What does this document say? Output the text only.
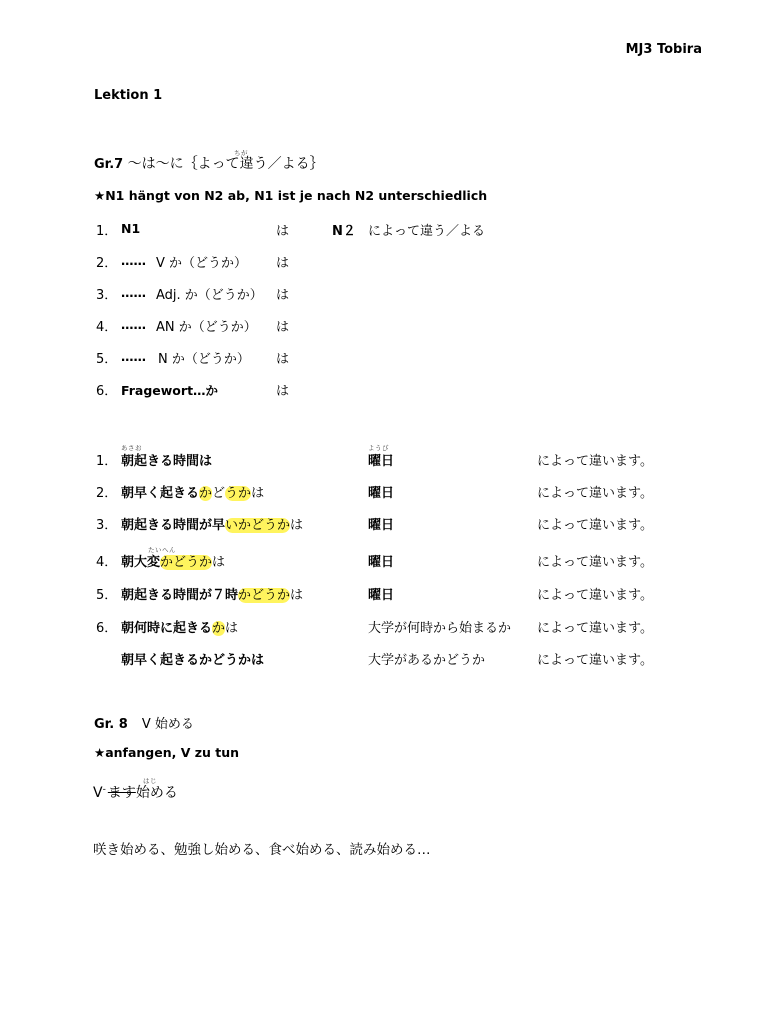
MJ3 Tobira
Lektion 1
Gr.7 〜は〜に｛よって違う／よる｝
ちが
★N1 hängt von N2 ab, N1 ist je nach N2 unterschiedlich
1． N1	は	N２ によって違う／よる
2． …… V か（どうか） は
3． …… Adj. か（どうか） は
4． …… AN か（どうか） は
5． …… N か（どうか） は
6． Fragewort…か	は
あさお	ようび
1． 朝起きる時間は	曜日	によって違います。
2． 朝早く起きるかどうかは	曜日	によって違います。
3． 朝起きる時間が早いかどうかは	曜日	によって違います。
たいへん
4． 朝大変かどうかは	曜日	によって違います。
5． 朝起きる時間が７時かどうかは	曜日	によって違います。
6． 朝何時に起きるかは	大学が何時から始まるか によって違います。
朝早く起きるかどうかは	大学があるかどうか	によって違います。
Gr. 8 V 始める
★anfangen, V zu tun
はじ
V- ます始める
咲き始める、勉強し始める、食べ始める、読み始める…
